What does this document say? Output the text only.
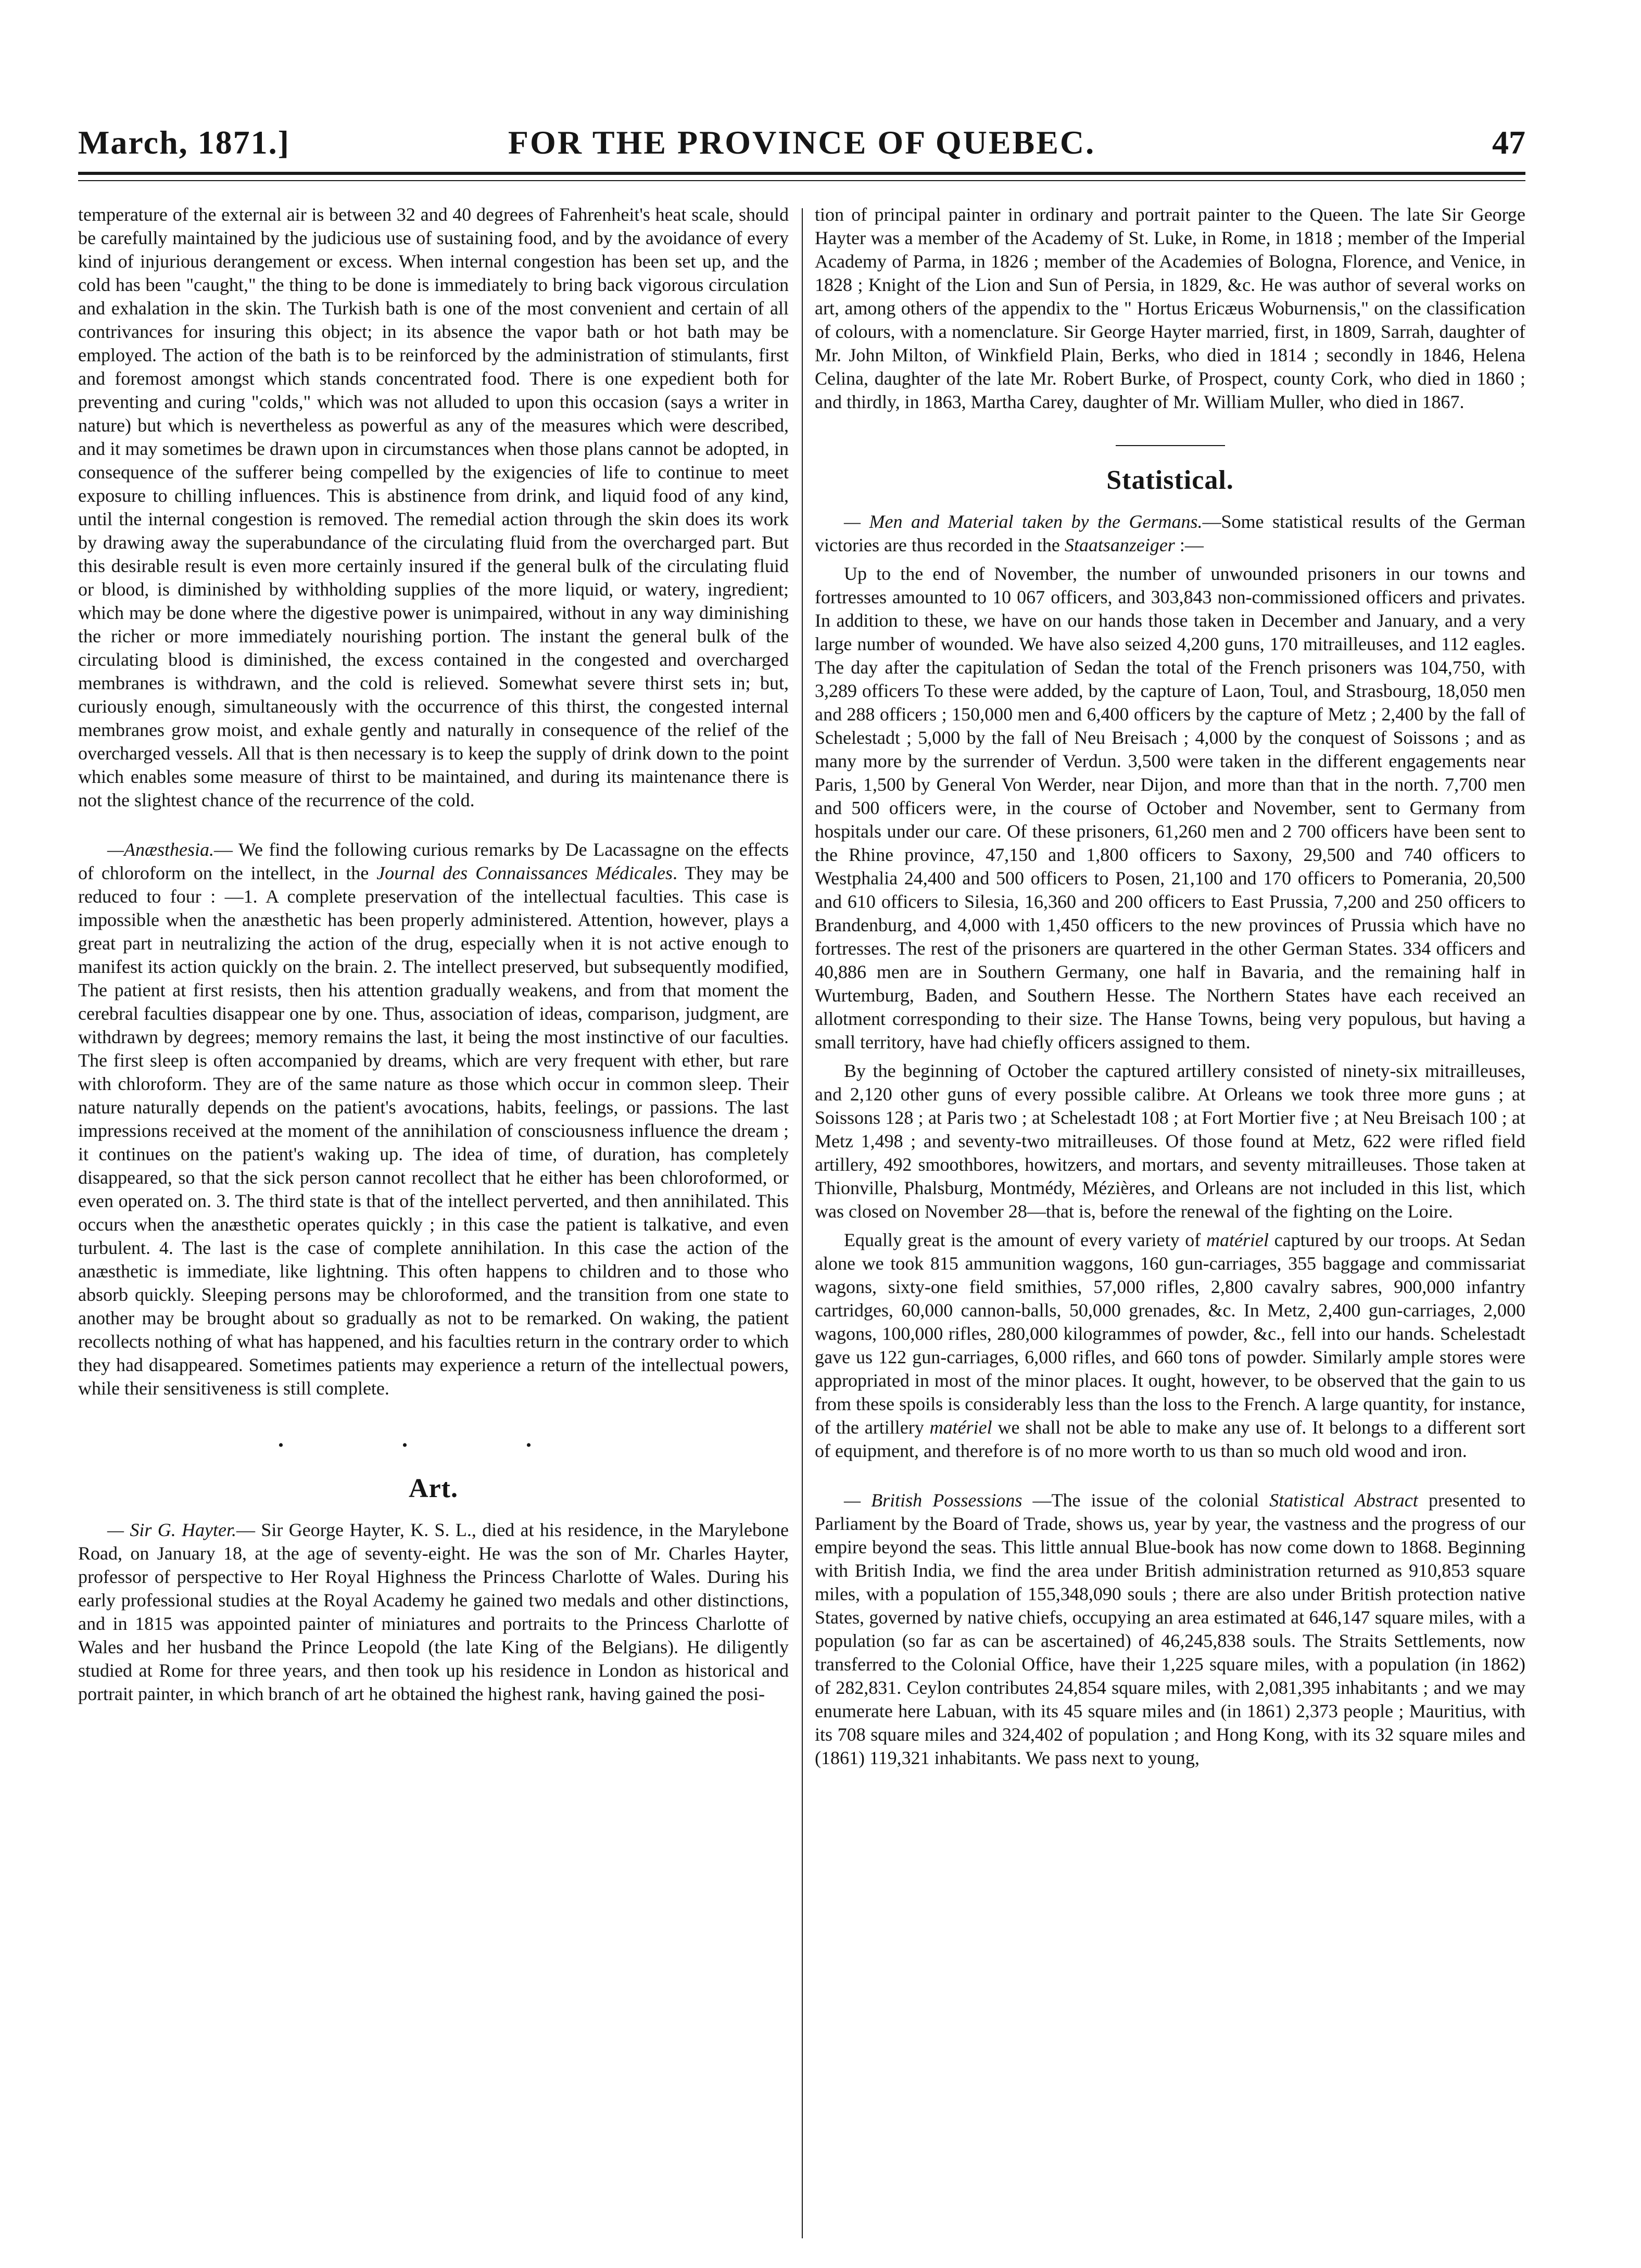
March, 1871.]	FOR THE PROVINCE OF QUEBEC.	47

temperature of the external air is between 32 and 40 degrees of Fahrenheit's heat scale, should be carefully maintained by the judicious use of sustaining food, and by the avoidance of every kind of injurious derangement or excess. When internal congestion has been set up, and the cold has been "caught," the thing to be done is immediately to bring back vigorous circulation and exhalation in the skin. The Turkish bath is one of the most convenient and certain of all contrivances for insuring this object; in its absence the vapor bath or hot bath may be employed. The action of the bath is to be reinforced by the administration of stimulants, first and foremost amongst which stands concentrated food. There is one expedient both for preventing and curing "colds," which was not alluded to upon this occasion (says a writer in nature) but which is nevertheless as powerful as any of the measures which were described, and it may sometimes be drawn upon in circumstances when those plans cannot be adopted, in consequence of the sufferer being compelled by the exigencies of life to continue to meet exposure to chilling influences. This is abstinence from drink, and liquid food of any kind, until the internal congestion is removed. The remedial action through the skin does its work by drawing away the superabundance of the circulating fluid from the overcharged part. But this desirable result is even more certainly insured if the general bulk of the circulating fluid or blood, is diminished by withholding supplies of the more liquid, or watery, ingredient; which may be done where the digestive power is unimpaired, without in any way diminishing the richer or more immediately nourishing portion. The instant the general bulk of the circulating blood is diminished, the excess contained in the congested and overcharged membranes is withdrawn, and the cold is relieved. Somewhat severe thirst sets in; but, curiously enough, simultaneously with the occurrence of this thirst, the congested internal membranes grow moist, and exhale gently and naturally in consequence of the relief of the overcharged vessels. All that is then necessary is to keep the supply of drink down to the point which enables some measure of thirst to be maintained, and during its maintenance there is not the slightest chance of the recurrence of the cold.

—Anæsthesia.— We find the following curious remarks by De Lacassagne on the effects of chloroform on the intellect, in the Journal des Connaissances Médicales. They may be reduced to four : —1. A complete preservation of the intellectual faculties. This case is impossible when the anæsthetic has been properly administered. Attention, however, plays a great part in neutralizing the action of the drug, especially when it is not active enough to manifest its action quickly on the brain. 2. The intellect preserved, but subsequently modified, The patient at first resists, then his attention gradually weakens, and from that moment the cerebral faculties disappear one by one. Thus, association of ideas, comparison, judgment, are withdrawn by degrees; memory remains the last, it being the most instinctive of our faculties. The first sleep is often accompanied by dreams, which are very frequent with ether, but rare with chloroform. They are of the same nature as those which occur in common sleep. Their nature naturally depends on the patient's avocations, habits, feelings, or passions. The last impressions received at the moment of the annihilation of consciousness influence the dream ; it continues on the patient's waking up. The idea of time, of duration, has completely disappeared, so that the sick person cannot recollect that he either has been chloroformed, or even operated on. 3. The third state is that of the intellect perverted, and then annihilated. This occurs when the anæsthetic operates quickly ; in this case the patient is talkative, and even turbulent. 4. The last is the case of complete annihilation. In this case the action of the anæsthetic is immediate, like lightning. This often happens to children and to those who absorb quickly. Sleeping persons may be chloroformed, and the transition from one state to another may be brought about so gradually as not to be remarked. On waking, the patient recollects nothing of what has happened, and his faculties return in the contrary order to which they had disappeared. Sometimes patients may experience a return of the intellectual powers, while their sensitiveness is still complete.

• • •
Art.

— Sir G. Hayter.— Sir George Hayter, K. S. L., died at his residence, in the Marylebone Road, on January 18, at the age of seventy-eight. He was the son of Mr. Charles Hayter, professor of perspective to Her Royal Highness the Princess Charlotte of Wales. During his early professional studies at the Royal Academy he gained two medals and other distinctions, and in 1815 was appointed painter of miniatures and portraits to the Princess Charlotte of Wales and her husband the Prince Leopold (the late King of the Belgians). He diligently studied at Rome for three years, and then took up his residence in London as historical and portrait painter, in which branch of art he obtained the highest rank, having gained the posi-

tion of principal painter in ordinary and portrait painter to the Queen. The late Sir George Hayter was a member of the Academy of St. Luke, in Rome, in 1818 ; member of the Imperial Academy of Parma, in 1826 ; member of the Academies of Bologna, Florence, and Venice, in 1828 ; Knight of the Lion and Sun of Persia, in 1829, &c. He was author of several works on art, among others of the appendix to the " Hortus Ericæus Woburnensis," on the classification of colours, with a nomenclature. Sir George Hayter married, first, in 1809, Sarrah, daughter of Mr. John Milton, of Winkfield Plain, Berks, who died in 1814 ; secondly in 1846, Helena Celina, daughter of the late Mr. Robert Burke, of Prospect, county Cork, who died in 1860 ; and thirdly, in 1863, Martha Carey, daughter of Mr. William Muller, who died in 1867.

Statistical.

— Men and Material taken by the Germans.—Some statistical results of the German victories are thus recorded in the Staatsanzeiger :—

Up to the end of November, the number of unwounded prisoners in our towns and fortresses amounted to 10 067 officers, and 303,843 non-commissioned officers and privates. In addition to these, we have on our hands those taken in December and January, and a very large number of wounded. We have also seized 4,200 guns, 170 mitrailleuses, and 112 eagles. The day after the capitulation of Sedan the total of the French prisoners was 104,750, with 3,289 officers To these were added, by the capture of Laon, Toul, and Strasbourg, 18,050 men and 288 officers ; 150,000 men and 6,400 officers by the capture of Metz ; 2,400 by the fall of Schelestadt ; 5,000 by the fall of Neu Breisach ; 4,000 by the conquest of Soissons ; and as many more by the surrender of Verdun. 3,500 were taken in the different engagements near Paris, 1,500 by General Von Werder, near Dijon, and more than that in the north. 7,700 men and 500 officers were, in the course of October and November, sent to Germany from hospitals under our care. Of these prisoners, 61,260 men and 2 700 officers have been sent to the Rhine province, 47,150 and 1,800 officers to Saxony, 29,500 and 740 officers to Westphalia 24,400 and 500 officers to Posen, 21,100 and 170 officers to Pomerania, 20,500 and 610 officers to Silesia, 16,360 and 200 officers to East Prussia, 7,200 and 250 officers to Brandenburg, and 4,000 with 1,450 officers to the new provinces of Prussia which have no fortresses. The rest of the prisoners are quartered in the other German States. 334 officers and 40,886 men are in Southern Germany, one half in Bavaria, and the remaining half in Wurtemburg, Baden, and Southern Hesse. The Northern States have each received an allotment corresponding to their size. The Hanse Towns, being very populous, but having a small territory, have had chiefly officers assigned to them.

By the beginning of October the captured artillery consisted of ninety-six mitrailleuses, and 2,120 other guns of every possible calibre. At Orleans we took three more guns ; at Soissons 128 ; at Paris two ; at Schelestadt 108 ; at Fort Mortier five ; at Neu Breisach 100 ; at Metz 1,498 ; and seventy-two mitrailleuses. Of those found at Metz, 622 were rifled field artillery, 492 smoothbores, howitzers, and mortars, and seventy mitrailleuses. Those taken at Thionville, Phalsburg, Montmédy, Mézières, and Orleans are not included in this list, which was closed on November 28—that is, before the renewal of the fighting on the Loire.

Equally great is the amount of every variety of matériel captured by our troops. At Sedan alone we took 815 ammunition waggons, 160 gun-carriages, 355 baggage and commissariat wagons, sixty-one field smithies, 57,000 rifles, 2,800 cavalry sabres, 900,000 infantry cartridges, 60,000 cannon-balls, 50,000 grenades, &c. In Metz, 2,400 gun-carriages, 2,000 wagons, 100,000 rifles, 280,000 kilogrammes of powder, &c., fell into our hands. Schelestadt gave us 122 gun-carriages, 6,000 rifles, and 660 tons of powder. Similarly ample stores were appropriated in most of the minor places. It ought, however, to be observed that the gain to us from these spoils is considerably less than the loss to the French. A large quantity, for instance, of the artillery matériel we shall not be able to make any use of. It belongs to a different sort of equipment, and therefore is of no more worth to us than so much old wood and iron.

— British Possessions —The issue of the colonial Statistical Abstract presented to Parliament by the Board of Trade, shows us, year by year, the vastness and the progress of our empire beyond the seas. This little annual Blue-book has now come down to 1868. Beginning with British India, we find the area under British administration returned as 910,853 square miles, with a population of 155,348,090 souls ; there are also under British protection native States, governed by native chiefs, occupying an area estimated at 646,147 square miles, with a population (so far as can be ascertained) of 46,245,838 souls. The Straits Settlements, now transferred to the Colonial Office, have their 1,225 square miles, with a population (in 1862) of 282,831. Ceylon contributes 24,854 square miles, with 2,081,395 inhabitants ; and we may enumerate here Labuan, with its 45 square miles and (in 1861) 2,373 people ; Mauritius, with its 708 square miles and 324,402 of population ; and Hong Kong, with its 32 square miles and (1861) 119,321 inhabitants. We pass next to young,
